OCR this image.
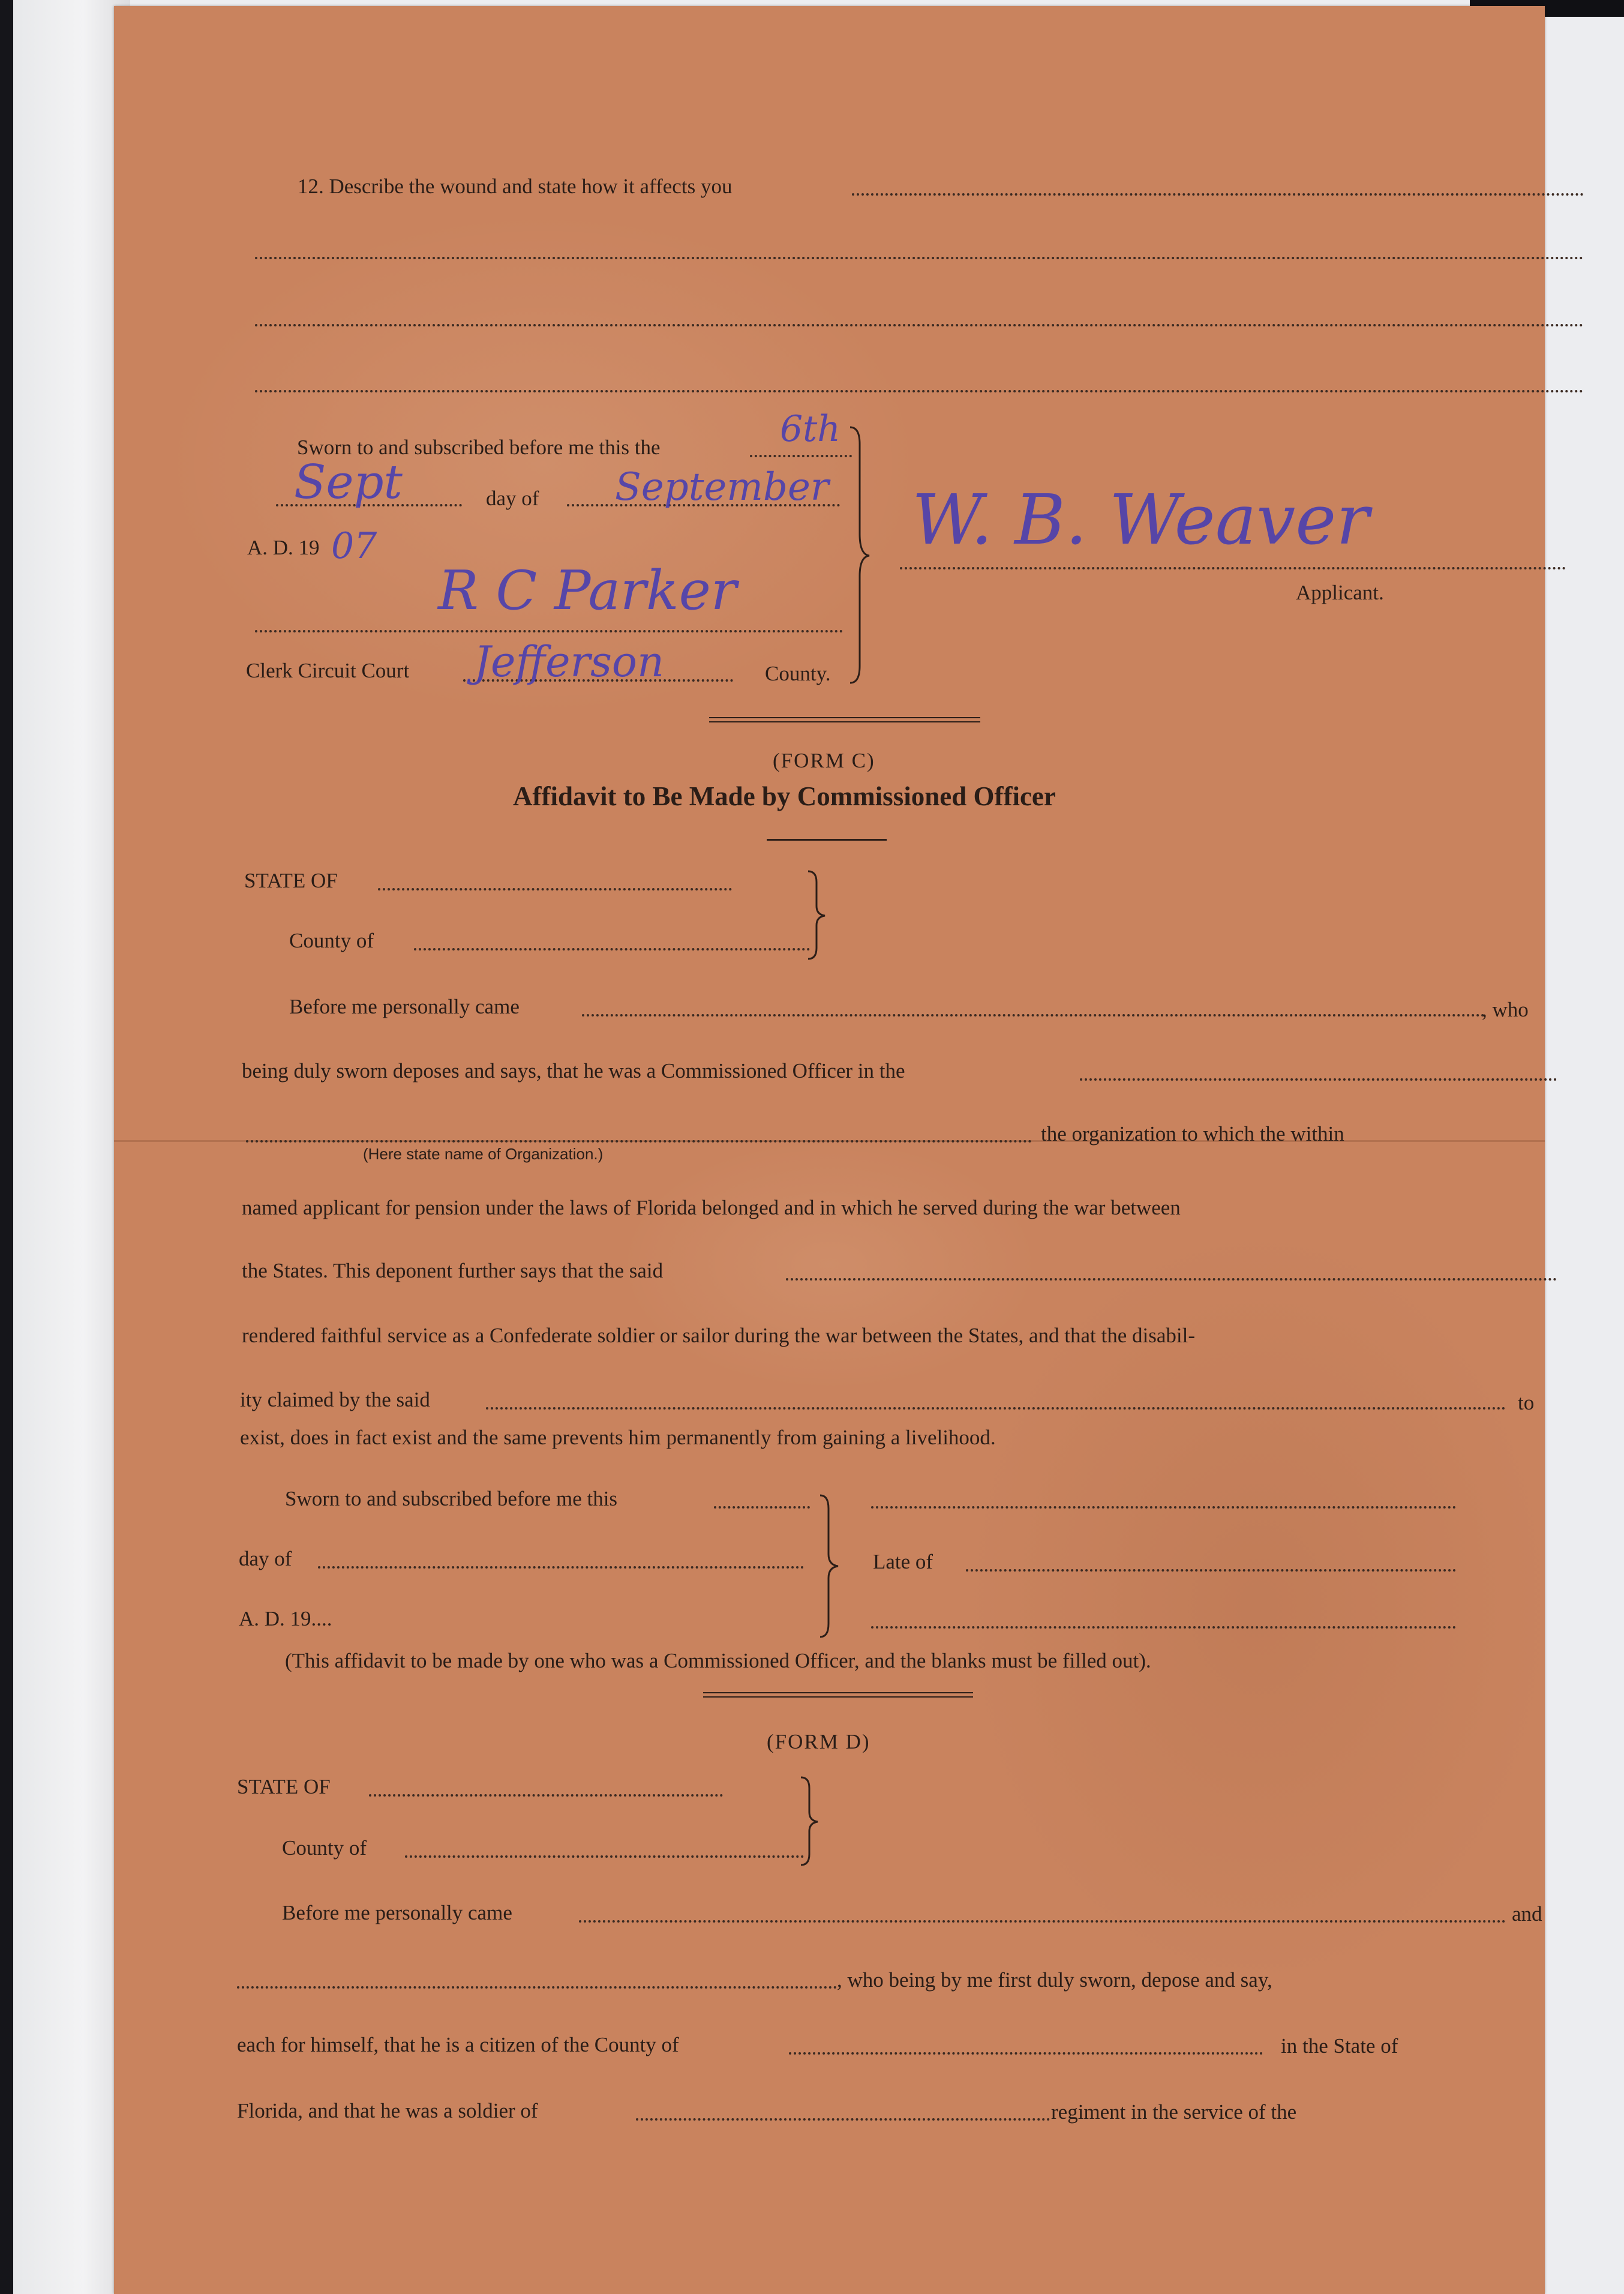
12. Describe the wound and state how it affects you
Sworn to and subscribed before me this the	6th
Sept	day of September
A. D. 19 07
R C Parker
Clerk Circuit Court Jefferson	County.
W. B. Weaver
Applicant.
(FORM C)
Affidavit to Be Made by Commissioned Officer
STATE OF
County of
Before me personally came	, who
being duly sworn deposes and says, that he was a Commissioned Officer in the
the organization to which the within
(Here state name of Organization.)
named applicant for pension under the laws of Florida belonged and in which he served during the war between
the States. This deponent further says that the said
rendered faithful service as a Confederate soldier or sailor during the war between the States, and that the disabil-
ity claimed by the said	to
exist, does in fact exist and the same prevents him permanently from gaining a livelihood.
Sworn to and subscribed before me this
day of
A. D. 19....
Late of
(This affidavit to be made by one who was a Commissioned Officer, and the blanks must be filled out).
(FORM D)
STATE OF
County of
Before me personally came	and
, who being by me first duly sworn, depose and say,
each for himself, that he is a citizen of the County of	in the State of
Florida, and that he was a soldier of	regiment in the service of the
